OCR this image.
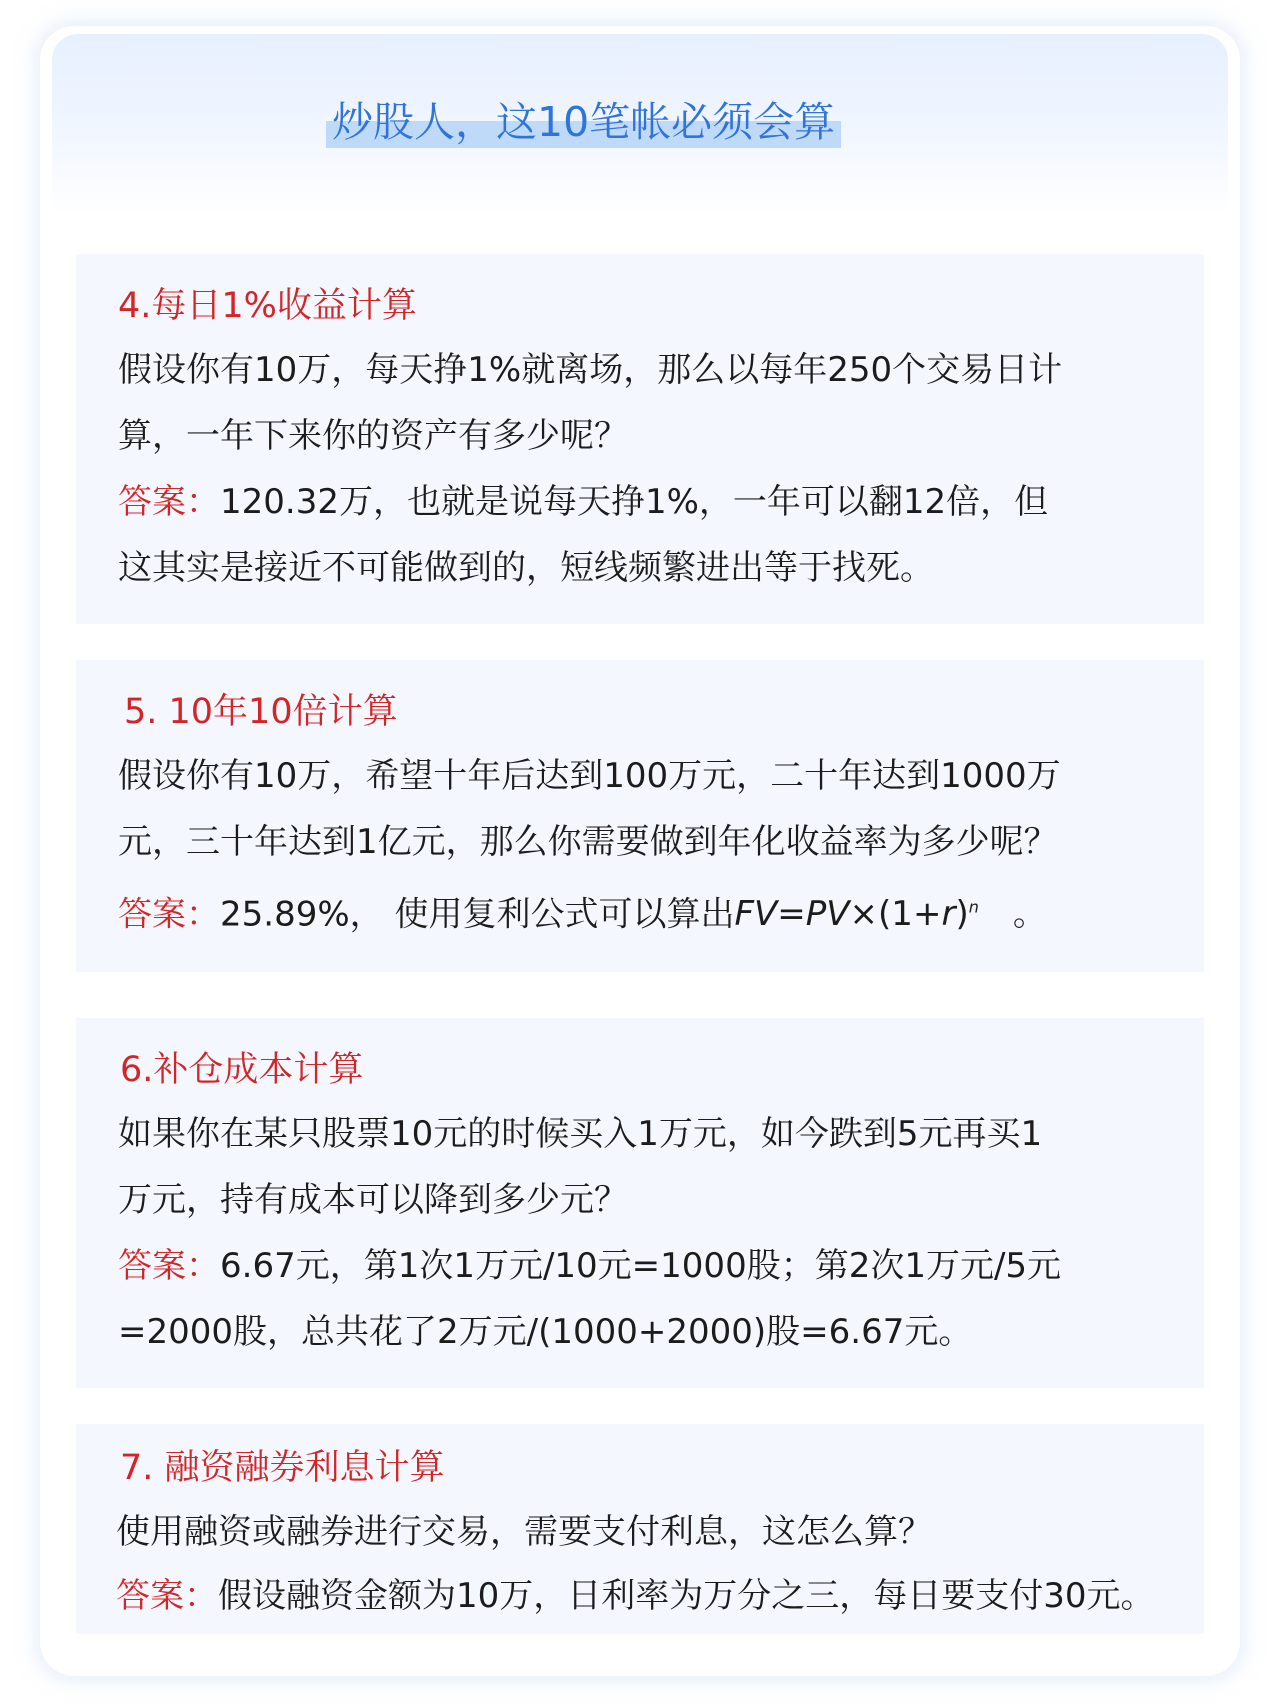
炒股人，这10笔帐必须会算
4.每日1%收益计算
假设你有10万，每天挣1%就离场，那么以每年250个交易日计
算，一年下来你的资产有多少呢？
答案：120.32万，也就是说每天挣1%，一年可以翻12倍，但
这其实是接近不可能做到的，短线频繁进出等于找死。
5. 10年10倍计算
假设你有10万，希望十年后达到100万元，二十年达到1000万
元，三十年达到1亿元，那么你需要做到年化收益率为多少呢？
答案：25.89%， 使用复利公式可以算出$FV=PV\times(1+r)^n$ 。
6.补仓成本计算
如果你在某只股票10元的时候买入1万元，如今跌到5元再买1
万元，持有成本可以降到多少元？
答案：6.67元，第1次1万元/10元=1000股；第2次1万元/5元
=2000股，总共花了2万元/(1000+2000)股=6.67元。
7. 融资融券利息计算
使用融资或融券进行交易，需要支付利息，这怎么算？
答案：假设融资金额为10万，日利率为万分之三，每日要支付30元。
